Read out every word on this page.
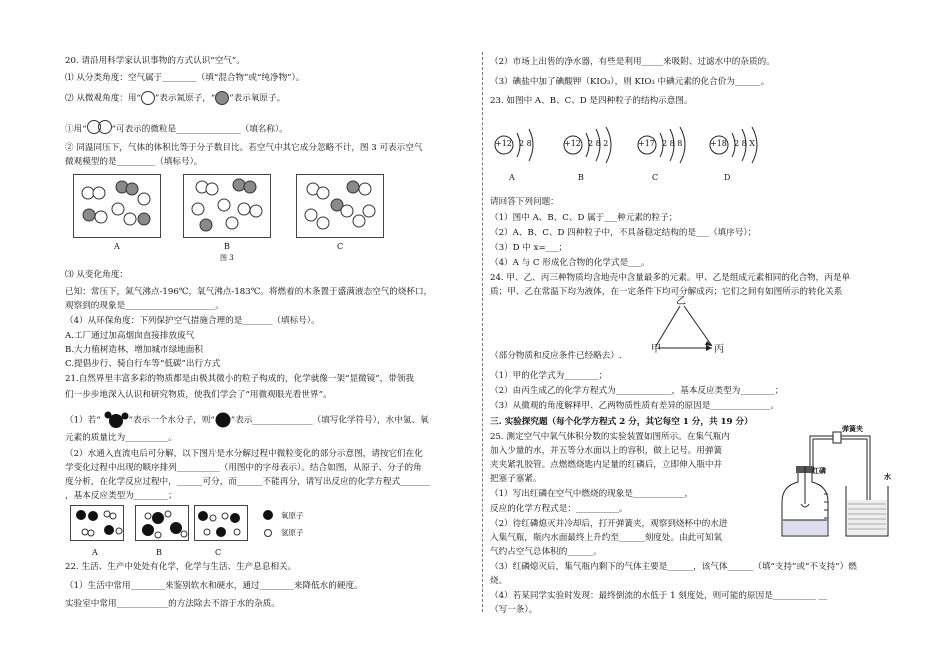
20. 请沿用科学家认识事物的方式认识“空气”。
⑴ 从分类角度：空气属于________（填“混合物”或“纯净物”）。
⑵ 从微观角度：用“ ”表示氮原子，“ ”表示氧原子。
①用“	”可表示的微粒是_______________（填名称）。
② 同温同压下，气体的体积比等于分子数目比。若空气中其它成分忽略不计，图 3 可表示空气
微观模型的是_________（填标号）。
A	B	C
图 3
⑶ 从变化角度：
已知：常压下，氮气沸点-196℃，氧气沸点-183℃。将燃着的木条置于盛满液态空气的烧杯口，
观察到的现象是_____________________。
（4）从环保角度：下列保护空气措施合理的是_______（填标号）。
A.工厂通过加高烟囱直接排放废气
B.大力植树造林，增加城市绿地面积
C.提倡步行、骑自行车等“低碳”出行方式
21.自然界里丰富多彩的物质都是由极其微小的粒子构成的，化学就像一架“显微镜”，带领我
们一步步地深入认识和研究物质，使我们学会了“用微观眼光看世界”。
（1）若“	”表示一个水分子，则“ ”表示______________（填写化学符号），水中氢、氧
元素的质量比为__________。
（2）水通入直流电后可分解，以下图片是水分解过程中微粒变化的部分示意图，请按它们在化
学变化过程中出现的顺序排列__________（用图中的字母表示）。结合如图，从原子、分子的角
度分析，在化学反应过程中，______可分，而______不能再分，请写出反应的化学方程式_______
，基本反应类型为________；
氧原子
氢原子
A	B	C
22. 生活、生产中处处有化学，化学与生活、生产息息相关。
（1）生活中常用________来鉴别软水和硬水，通过________来降低水的硬度。
实验室中常用____________的方法除去不溶于水的杂质。
（2）市场上出售的净水器，有些是利用_____来吸附、过滤水中的杂质的。
（3）碘盐中加了碘酸钾（KIO₃），则 KIO₃ 中碘元素的化合价为______。
23. 如图中 A、B、C、D 是四种粒子的结构示意图。
+12 2 8
A
+12 2 8 2
B
+17 2 8 8
C
+18 2 8 X
D
请回答下列问题：
（1）图中 A、B、C、D 属于___种元素的粒子；
（2）A、B、C、D 四种粒子中，不具备稳定结构的是___（填序号）；
（3）D 中 x=___；
（4）A 与 C 形成化合物的化学式是___。
24. 甲、乙、丙三种物质均含地壳中含量最多的元素。甲、乙是组成元素相同的化合物，丙是单
质；甲、乙在常温下均为液体，在一定条件下均可分解成丙；它们之间有如图所示的转化关系
乙
甲	丙
（部分物质和反应条件已经略去）.
（1）甲的化学式为________；
（2）由丙生成乙的化学方程式为_____________，基本反应类型为________；
（3）从微观的角度解释甲、乙两物质性质有差异的原因是______________。
三. 实验探究题（每个化学方程式 2 分，其它每空 1 分，共 19 分）
25. 测定空气中氧气体积分数的实验装置如图所示。在集气瓶内
加入少量的水，并五等分水面以上的容积，做上记号。用弹簧
夹夹紧乳胶管。点燃燃烧匙内足量的红磷后，立即伸入瓶中并
把塞子塞紧。
（1）写出红磷在空气中燃烧的现象是____________，
反应的化学方程式是：__________。
（2）待红磷熄灭并冷却后，打开弹簧夹，观察到烧杯中的水进
入集气瓶，瓶内水面最终上升约至______刻度处。由此可知氧
气约占空气总体积的______。
（3）红磷熄灭后，集气瓶内剩下的气体主要是______，该气体______（填“支持”或“不支持”）燃
烧。
（4）若某同学实验时发现：最终倒流的水低于 1 刻度处，则可能的原因是__________ __
（写一条）。
弹簧夹
红磷
水
